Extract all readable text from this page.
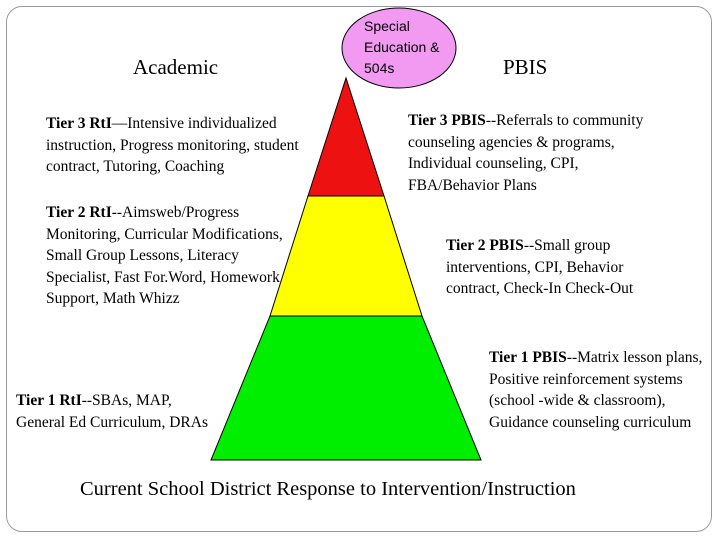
Special Education & 504s
Academic	PBIS
Tier 3 RtI—Intensive individualized instruction, Progress monitoring, student contract, Tutoring, Coaching
Tier 2 RtI--Aimsweb/Progress Monitoring, Curricular Modifications, Small Group Lessons, Literacy Specialist, Fast For.Word, Homework Support, Math Whizz
Tier 1 RtI--SBAs, MAP, General Ed Curriculum, DRAs
Tier 3 PBIS--Referrals to community counseling agencies & programs, Individual counseling, CPI, FBA/Behavior Plans
Tier 2 PBIS--Small group interventions, CPI, Behavior contract, Check-In Check-Out
Tier 1 PBIS--Matrix lesson plans, Positive reinforcement systems (school -wide & classroom), Guidance counseling curriculum
Current School District Response to Intervention/Instruction
